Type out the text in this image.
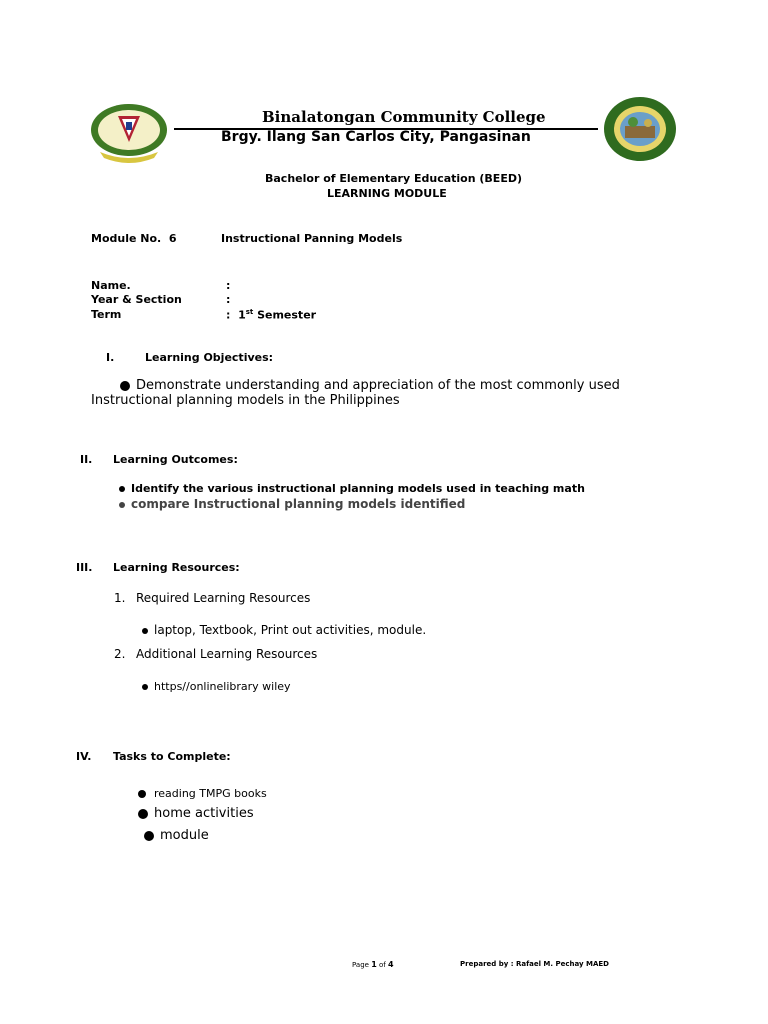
Binalatongan Community College
Brgy. Ilang San Carlos City, Pangasinan
Bachelor of Elementary Education (BEED)
LEARNING MODULE
Module No.  6	Instructional Panning Models
Name.	:
Year & Section	:
Term	: 1st Semester
I.	Learning Objectives:
Demonstrate understanding and appreciation of the most commonly used
Instructional planning models in the Philippines
II. Learning Outcomes:
Identify the various instructional planning models used in teaching math
compare Instructional planning models identified
III. Learning Resources:
1. Required Learning Resources
laptop, Textbook, Print out activities, module.
2. Additional Learning Resources
https//onlinelibrary wiley
IV. Tasks to Complete:
reading TMPG books
home activities
module
Page 1 of 4	Prepared by : Rafael M. Pechay MAED
